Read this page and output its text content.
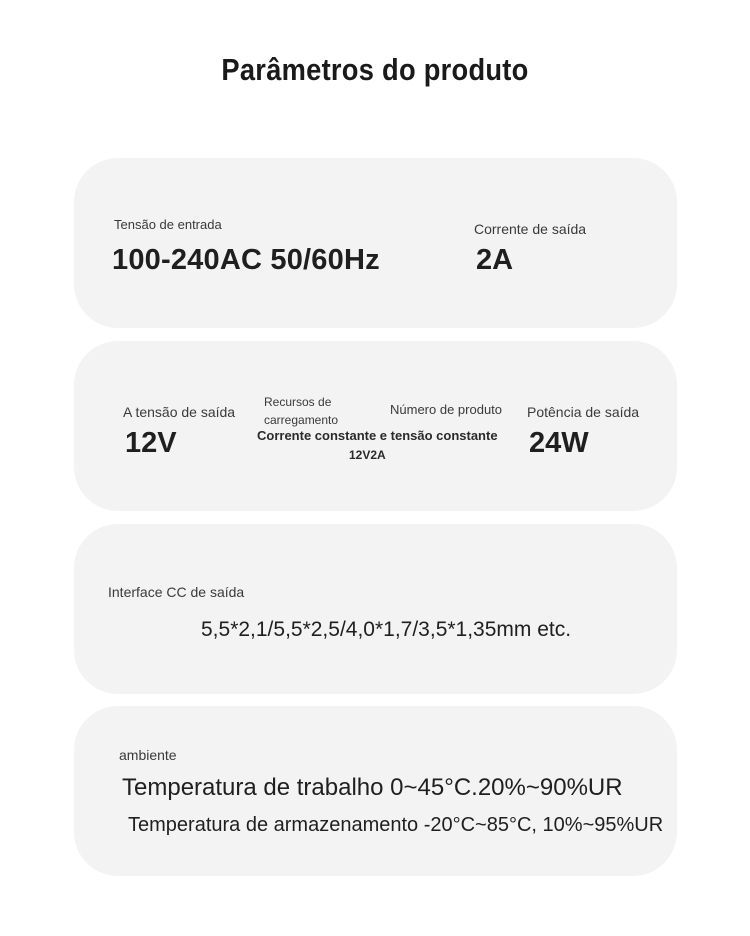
Parâmetros do produto
Tensão de entrada
100-240AC 50/60Hz
Corrente de saída
2A
A tensão de saída
12V
Recursos de carregamento
Número de produto
Corrente constante e tensão constante
12V2A
Potência de saída
24W
Interface CC de saída
5,5*2,1/5,5*2,5/4,0*1,7/3,5*1,35mm etc.
ambiente
Temperatura de trabalho 0~45°C.20%~90%UR
Temperatura de armazenamento -20°C~85°C, 10%~95%UR
